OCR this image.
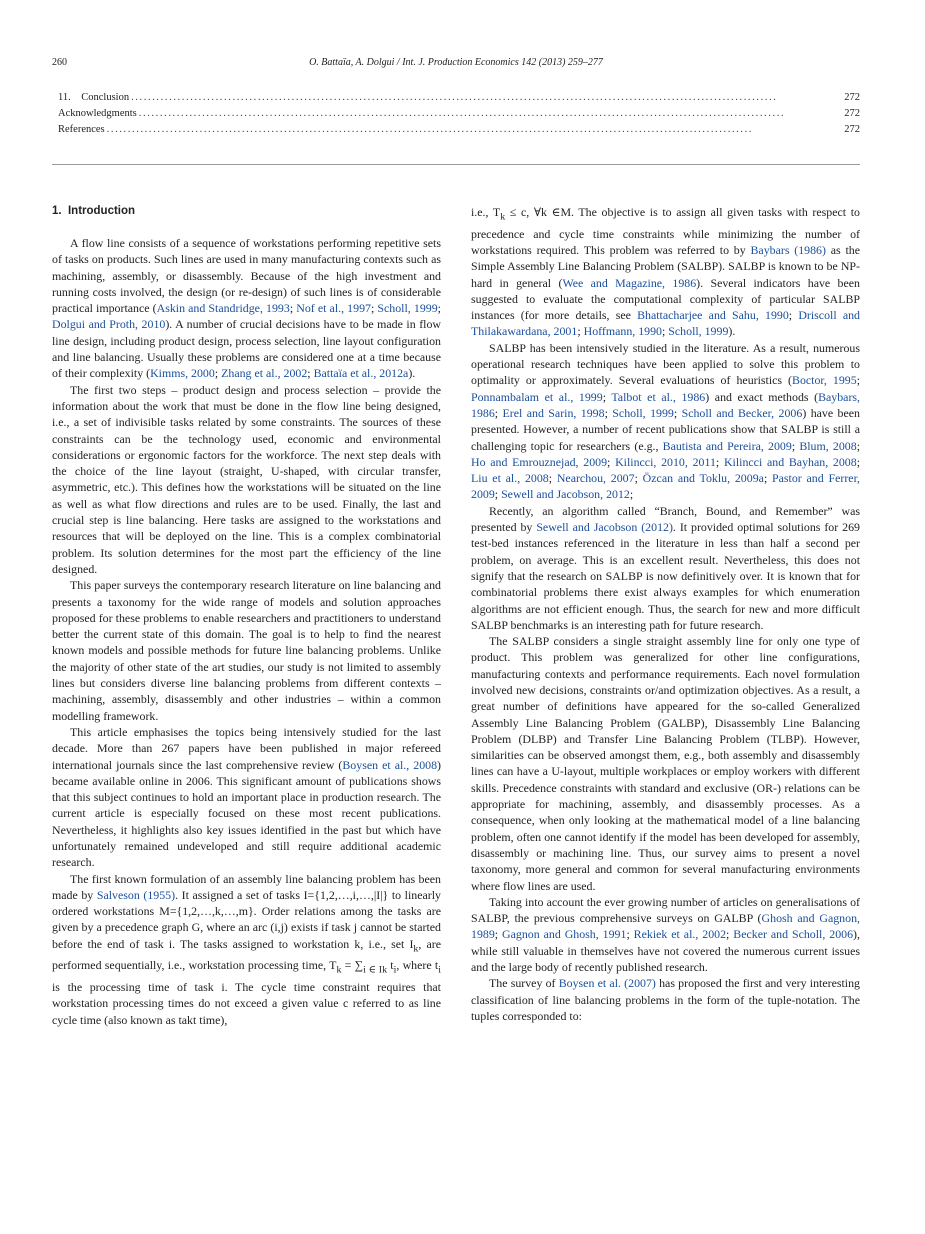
260	O. Battaïa, A. Dolgui / Int. J. Production Economics 142 (2013) 259–277
11.    Conclusion .........................................................................................................................................................	272
Acknowledgments .........................................................................................................................................................	272
References .........................................................................................................................................................	272
1.  Introduction

A flow line consists of a sequence of workstations performing repetitive sets of tasks on products. Such lines are used in many manufacturing contexts such as machining, assembly, or disassembly. Because of the high investment and running costs involved, the design (or re-design) of such lines is of considerable practical importance (Askin and Standridge, 1993; Nof et al., 1997; Scholl, 1999; Dolgui and Proth, 2010). A number of crucial decisions have to be made in flow line design, including product design, process selection, line layout configuration and line balancing. Usually these problems are considered one at a time because of their complexity (Kimms, 2000; Zhang et al., 2002; Battaïa et al., 2012a).

The first two steps – product design and process selection – provide the information about the work that must be done in the flow line being designed, i.e., a set of indivisible tasks related by some constraints. The sources of these constraints can be the technology used, economic and environmental considerations or ergonomic factors for the workforce. The next step deals with the choice of the line layout (straight, U-shaped, with circular transfer, asymmetric, etc.). This defines how the workstations will be situated on the line as well as what flow directions and rules are to be used. Finally, the last and crucial step is line balancing. Here tasks are assigned to the workstations and resources that will be deployed on the line. This is a complex combinatorial problem. Its solution determines for the most part the efficiency of the line designed.

This paper surveys the contemporary research literature on line balancing and presents a taxonomy for the wide range of models and solution approaches proposed for these problems to enable researchers and practitioners to understand better the current state of this domain. The goal is to help to find the nearest known models and possible methods for future line balancing problems. Unlike the majority of other state of the art studies, our study is not limited to assembly lines but considers diverse line balancing problems from different contexts – machining, assembly, disassembly and other industries – within a common modelling framework.

This article emphasises the topics being intensively studied for the last decade. More than 267 papers have been published in major refereed international journals since the last comprehensive review (Boysen et al., 2008) became available online in 2006. This significant amount of publications shows that this subject continues to hold an important place in production research. The current article is especially focused on these most recent publications. Nevertheless, it highlights also key issues identified in the past but which have unfortunately remained undeveloped and still require additional academic research.

The first known formulation of an assembly line balancing problem has been made by Salveson (1955). It assigned a set of tasks I={1,2,…,i,…,|I|} to linearly ordered workstations M={1,2,…,k,…,m}. Order relations among the tasks are given by a precedence graph G, where an arc (i,j) exists if task j cannot be started before the end of task i. The tasks assigned to workstation k, i.e., set $I_k$, are performed sequentially, i.e., workstation processing time, $T_k = \sum_{i \in Ik}$ $t_i$, where $t_i$ is the processing time of task i. The cycle time constraint requires that workstation processing times do not exceed a given value c referred to as line cycle time (also known as takt time),

i.e., $T_k \le c$, ∀k ∈M. The objective is to assign all given tasks with respect to precedence and cycle time constraints while minimizing the number of workstations required. This problem was referred to by Baybars (1986) as the Simple Assembly Line Balancing Problem (SALBP). SALBP is known to be NP-hard in general (Wee and Magazine, 1986). Several indicators have been suggested to evaluate the computational complexity of particular SALBP instances (for more details, see Bhattacharjee and Sahu, 1990; Driscoll and Thilakawardana, 2001; Hoffmann, 1990; Scholl, 1999).

SALBP has been intensively studied in the literature. As a result, numerous operational research techniques have been applied to solve this problem to optimality or approximately. Several evaluations of heuristics (Boctor, 1995; Ponnambalam et al., 1999; Talbot et al., 1986) and exact methods (Baybars, 1986; Erel and Sarin, 1998; Scholl, 1999; Scholl and Becker, 2006) have been presented. However, a number of recent publications show that SALBP is still a challenging topic for researchers (e.g., Bautista and Pereira, 2009; Blum, 2008; Ho and Emrouznejad, 2009; Kilincci, 2010, 2011; Kilincci and Bayhan, 2008; Liu et al., 2008; Nearchou, 2007; Özcan and Toklu, 2009a; Pastor and Ferrer, 2009; Sewell and Jacobson, 2012;

Recently, an algorithm called “Branch, Bound, and Remember” was presented by Sewell and Jacobson (2012). It provided optimal solutions for 269 test-bed instances referenced in the literature in less than half a second per problem, on average. This is an excellent result. Nevertheless, this does not signify that the research on SALBP is now definitively over. It is known that for combinatorial problems there exist always examples for which enumeration algorithms are not efficient enough. Thus, the search for new and more difficult SALBP benchmarks is an interesting path for future research.

The SALBP considers a single straight assembly line for only one type of product. This problem was generalized for other line configurations, manufacturing contexts and performance requirements. Each novel formulation involved new decisions, constraints or/and optimization objectives. As a result, a great number of definitions have appeared for the so-called Generalized Assembly Line Balancing Problem (GALBP), Disassembly Line Balancing Problem (DLBP) and Transfer Line Balancing Problem (TLBP). However, similarities can be observed amongst them, e.g., both assembly and disassembly lines can have a U-layout, multiple workplaces or employ workers with different skills. Precedence constraints with standard and exclusive (OR-) relations can be appropriate for machining, assembly, and disassembly processes. As a consequence, when only looking at the mathematical model of a line balancing problem, often one cannot identify if the model has been developed for assembly, disassembly or machining line. Thus, our survey aims to present a novel taxonomy, more general and common for several manufacturing environments where flow lines are used.

Taking into account the ever growing number of articles on generalisations of SALBP, the previous comprehensive surveys on GALBP (Ghosh and Gagnon, 1989; Gagnon and Ghosh, 1991; Rekiek et al., 2002; Becker and Scholl, 2006), while still valuable in themselves have not covered the numerous current issues and the large body of recently published research.

The survey of Boysen et al. (2007) has proposed the first and very interesting classification of line balancing problems in the form of the tuple-notation. The tuples corresponded to:
